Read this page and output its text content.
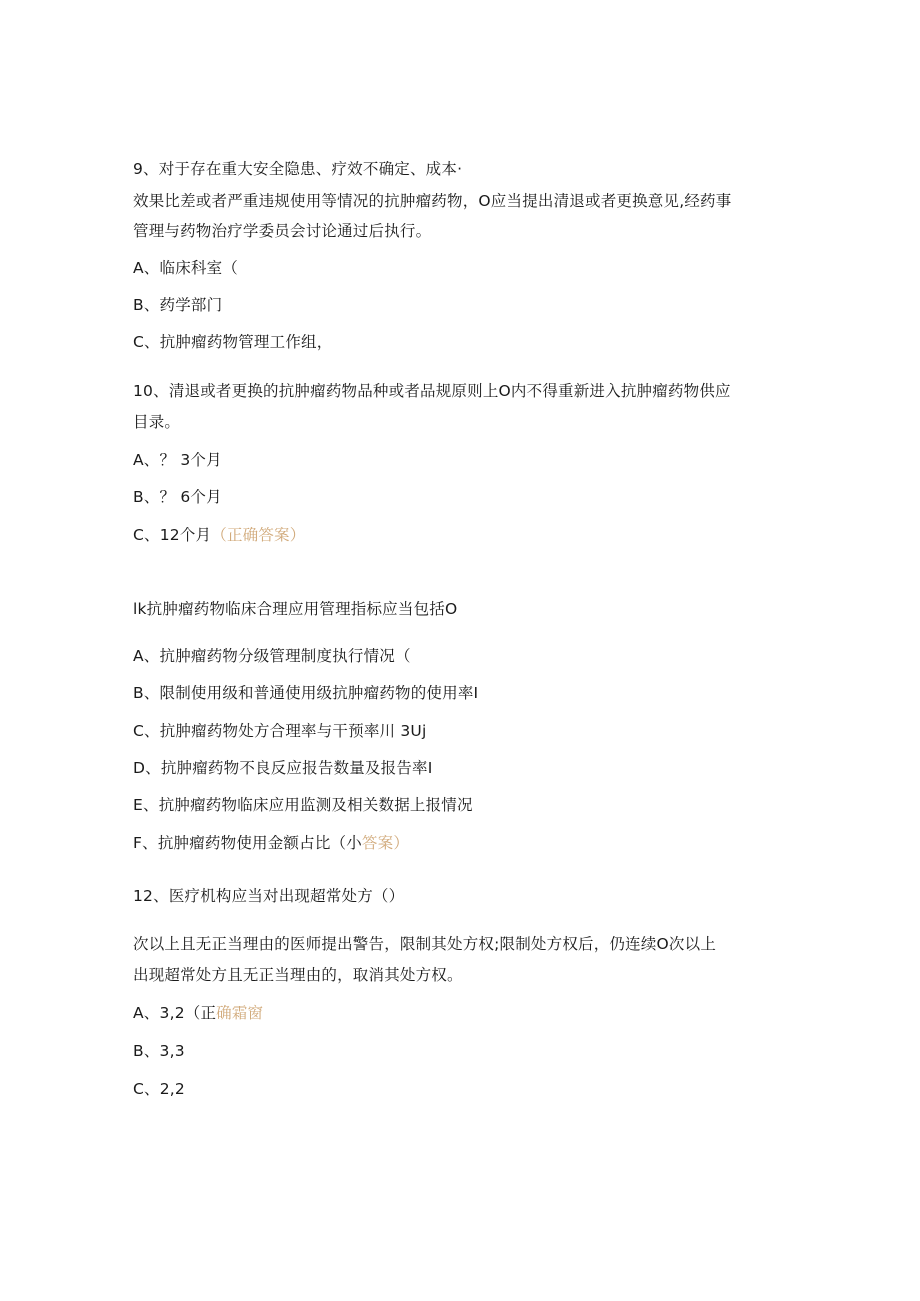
9、对于存在重大安全隐患、疗效不确定、成本·
效果比差或者严重违规使用等情况的抗肿瘤药物，O应当提出清退或者更换意见,经药事
管理与药物治疗学委员会讨论通过后执行。
A、临床科室（
B、药学部门
C、抗肿瘤药物管理工作组，
10、清退或者更换的抗肿瘤药物品种或者品规原则上O内不得重新进入抗肿瘤药物供应
目录。
A、？ 3个月
B、？ 6个月
C、12个月（正确答案）
lk抗肿瘤药物临床合理应用管理指标应当包括O
A、抗肿瘤药物分级管理制度执行情况（
B、限制使用级和普通使用级抗肿瘤药物的使用率I
C、抗肿瘤药物处方合理率与干预率川 3Uj
D、抗肿瘤药物不良反应报告数量及报告率I
E、抗肿瘤药物临床应用监测及相关数据上报情况
F、抗肿瘤药物使用金额占比（小答案）
12、医疗机构应当对出现超常处方（）
次以上且无正当理由的医师提出警告，限制其处方权;限制处方权后，仍连续O次以上
出现超常处方且无正当理由的，取消其处方权。
A、3,2（正确霜窗
B、3,3
C、2,2
